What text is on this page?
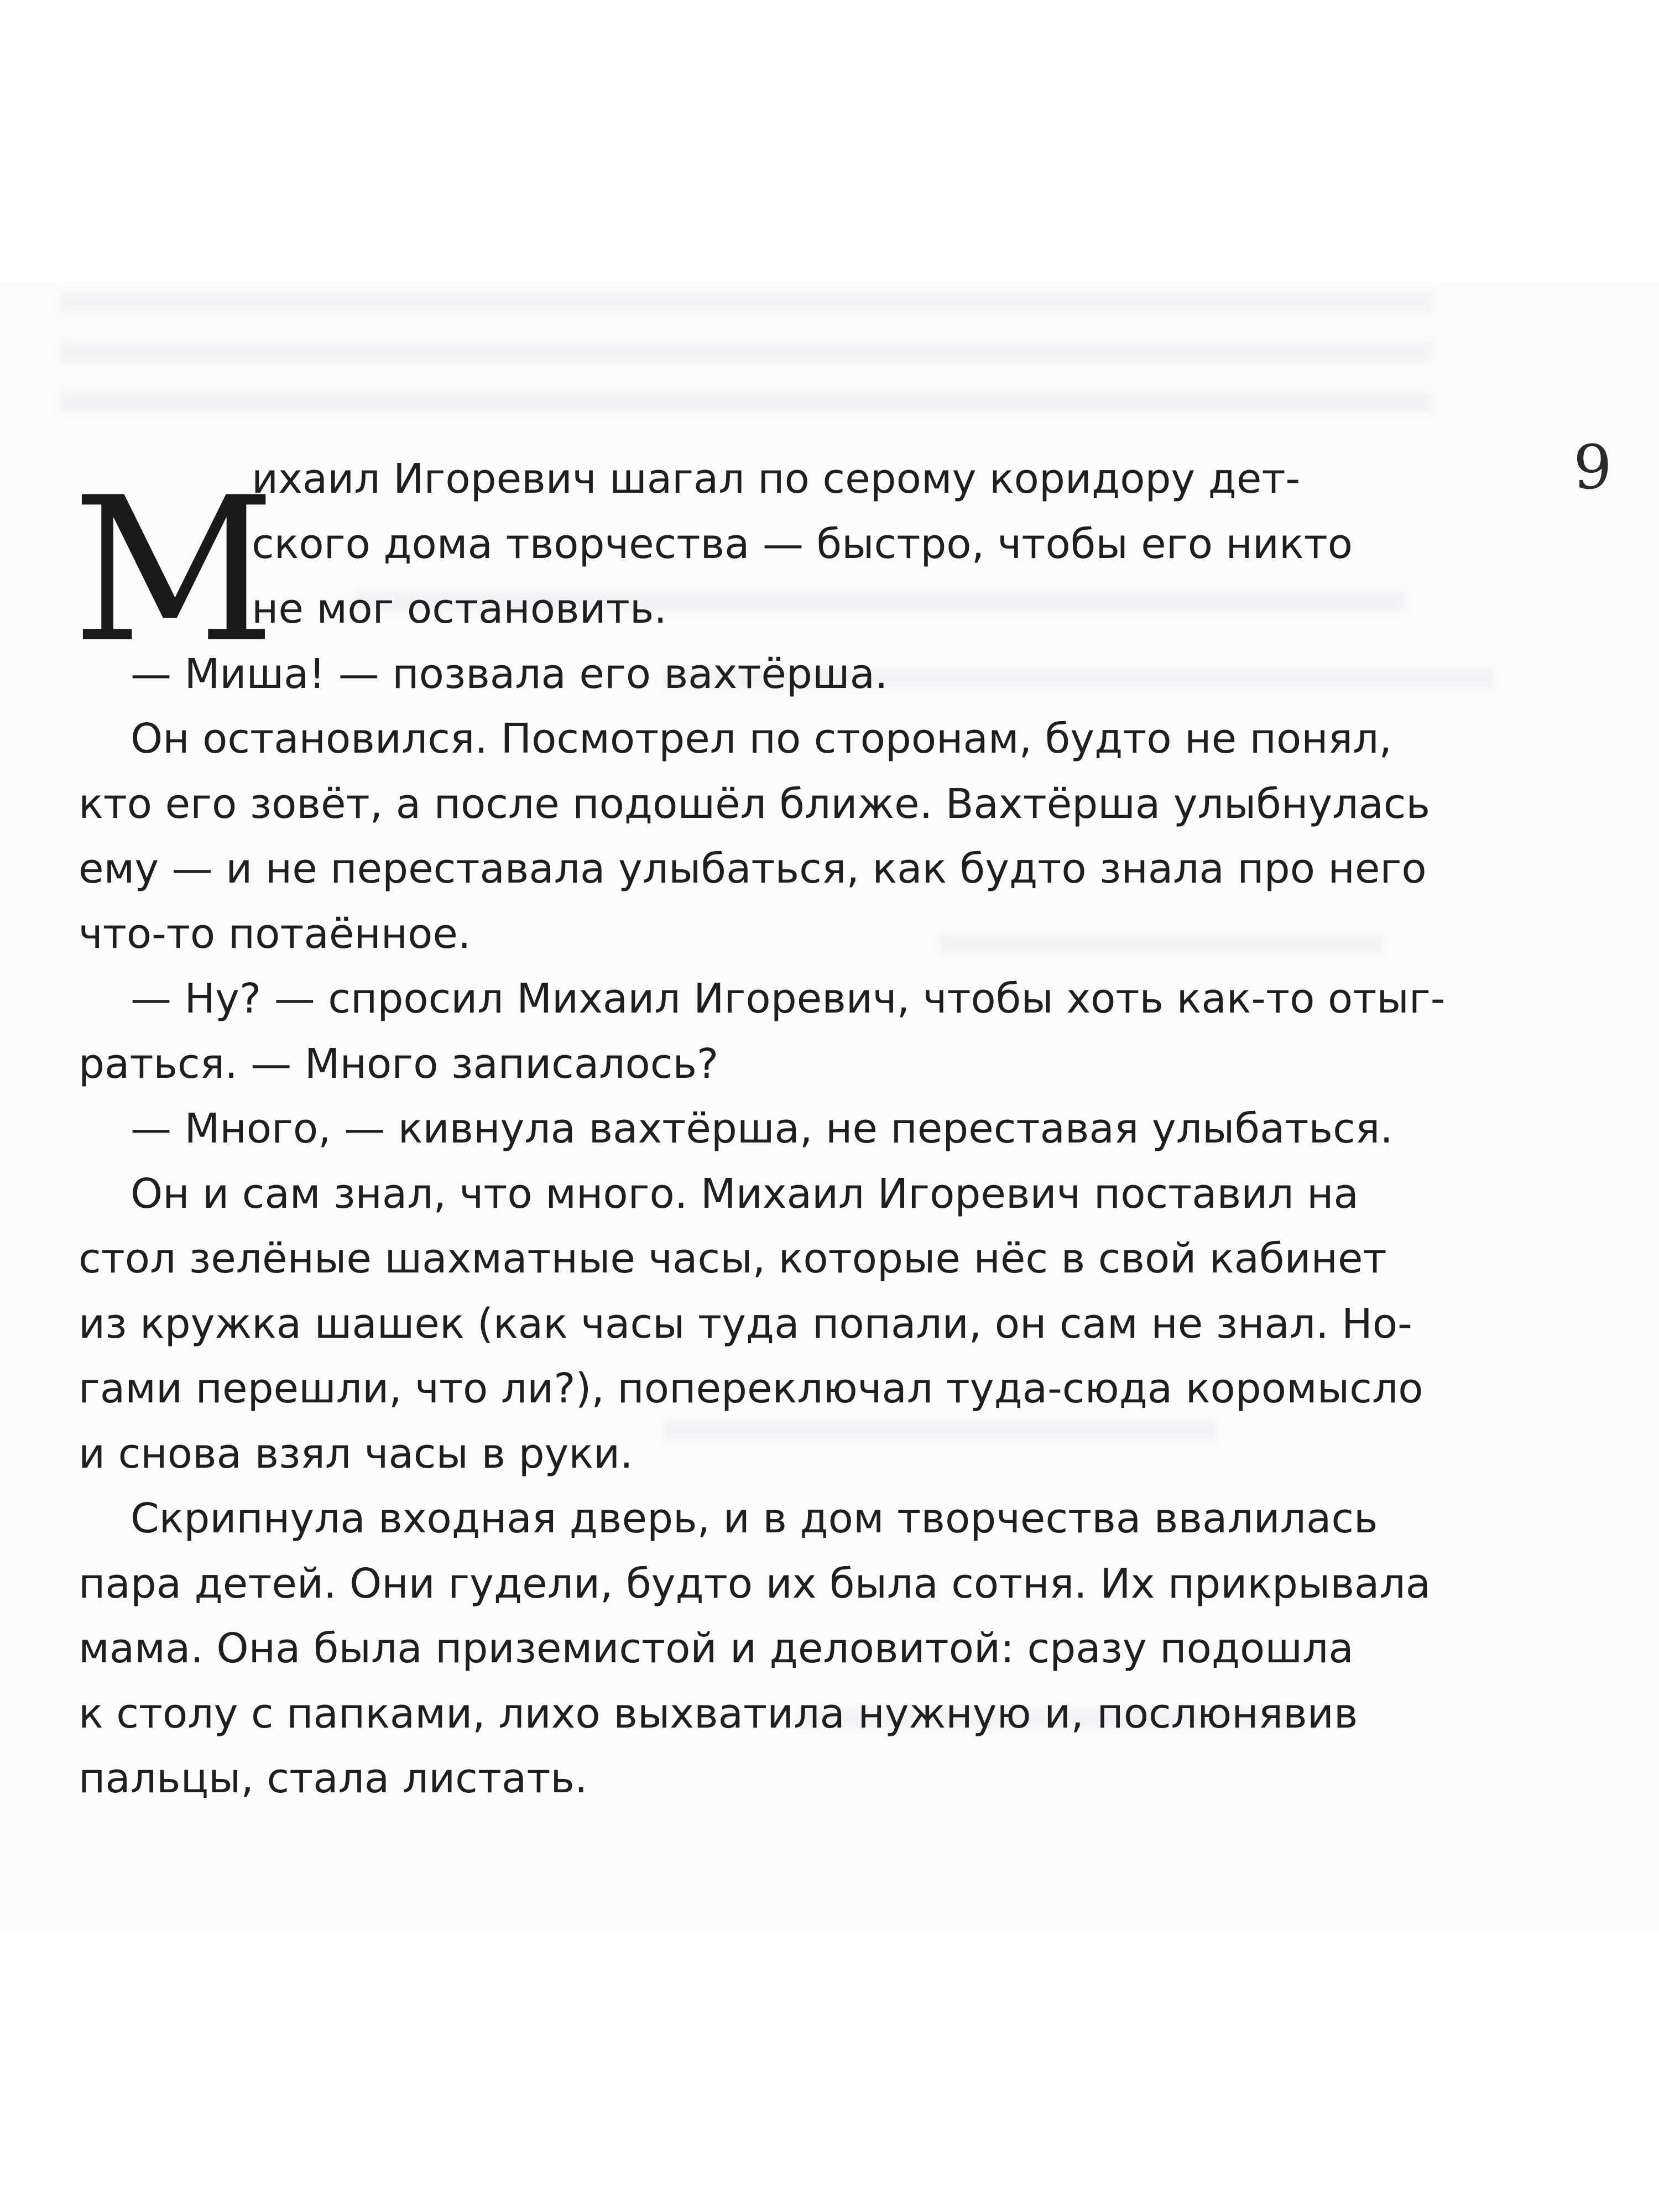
9
М
ихаил Игоревич шагал по серому коридору дет-
ского дома творчества — быстро, чтобы его никто
не мог остановить.
— Миша! — позвала его вахтёрша.
Он остановился. Посмотрел по сторонам, будто не понял,
кто его зовёт, а после подошёл ближе. Вахтёрша улыбнулась
ему — и не переставала улыбаться, как будто знала про него
что-то потаённое.
— Ну? — спросил Михаил Игоревич, чтобы хоть как-то отыг-
раться. — Много записалось?
— Много, — кивнула вахтёрша, не переставая улыбаться.
Он и сам знал, что много. Михаил Игоревич поставил на
стол зелёные шахматные часы, которые нёс в свой кабинет
из кружка шашек (как часы туда попали, он сам не знал. Но-
гами перешли, что ли?), попереключал туда-сюда коромысло
и снова взял часы в руки.
Скрипнула входная дверь, и в дом творчества ввалилась
пара детей. Они гудели, будто их была сотня. Их прикрывала
мама. Она была приземистой и деловитой: сразу подошла
к столу с папками, лихо выхватила нужную и, послюнявив
пальцы, стала листать.
